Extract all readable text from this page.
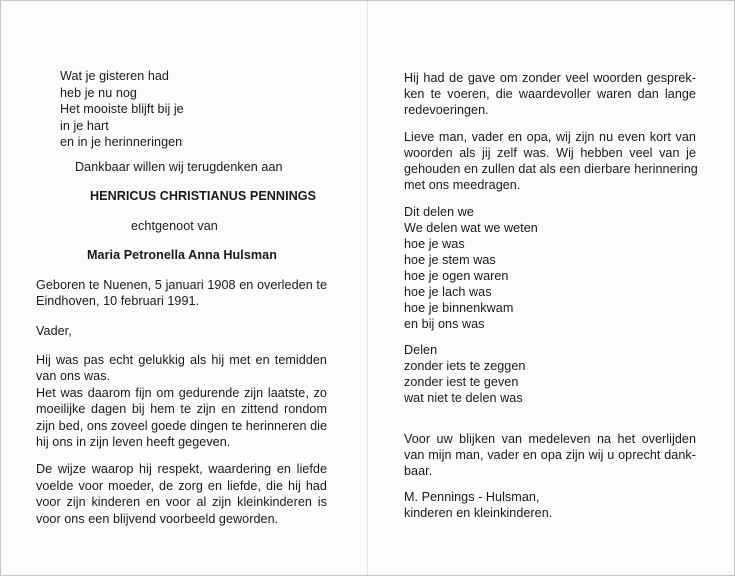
Wat je gisteren had

heb je nu nog

Het mooiste blijft bij je

in je hart

en in je herinneringen

Dankbaar willen wij terugdenken aan

HENRICUS CHRISTIANUS PENNINGS

echtgenoot van

Maria Petronella Anna Hulsman

Geboren te Nuenen, 5 januari 1908 en overleden te

Eindhoven, 10 februari 1991.

Vader,

Hij was pas echt gelukkig als hij met en temidden

van ons was.

Het was daarom fijn om gedurende zijn laatste, zo

moeilijke dagen bij hem te zijn en zittend rondom

zijn bed, ons zoveel goede dingen te herinneren die

hij ons in zijn leven heeft gegeven.

De wijze waarop hij respekt, waardering en liefde

voelde voor moeder, de zorg en liefde, die hij had

voor zijn kinderen en voor al zijn kleinkinderen is

voor ons een blijvend voorbeeld geworden.

Hij had de gave om zonder veel woorden gesprek-

ken te voeren, die waardevoller waren dan lange

redevoeringen.

Lieve man, vader en opa, wij zijn nu even kort van

woorden als jij zelf was. Wij hebben veel van je

gehouden en zullen dat als een dierbare herinnering

met ons meedragen.

Dit delen we

We delen wat we weten

hoe je was

hoe je stem was

hoe je ogen waren

hoe je lach was

hoe je binnenkwam

en bij ons was

Delen

zonder iets te zeggen

zonder iest te geven

wat niet te delen was

Voor uw blijken van medeleven na het overlijden

van mijn man, vader en opa zijn wij u oprecht dank-

baar.

M. Pennings - Hulsman,

kinderen en kleinkinderen.
